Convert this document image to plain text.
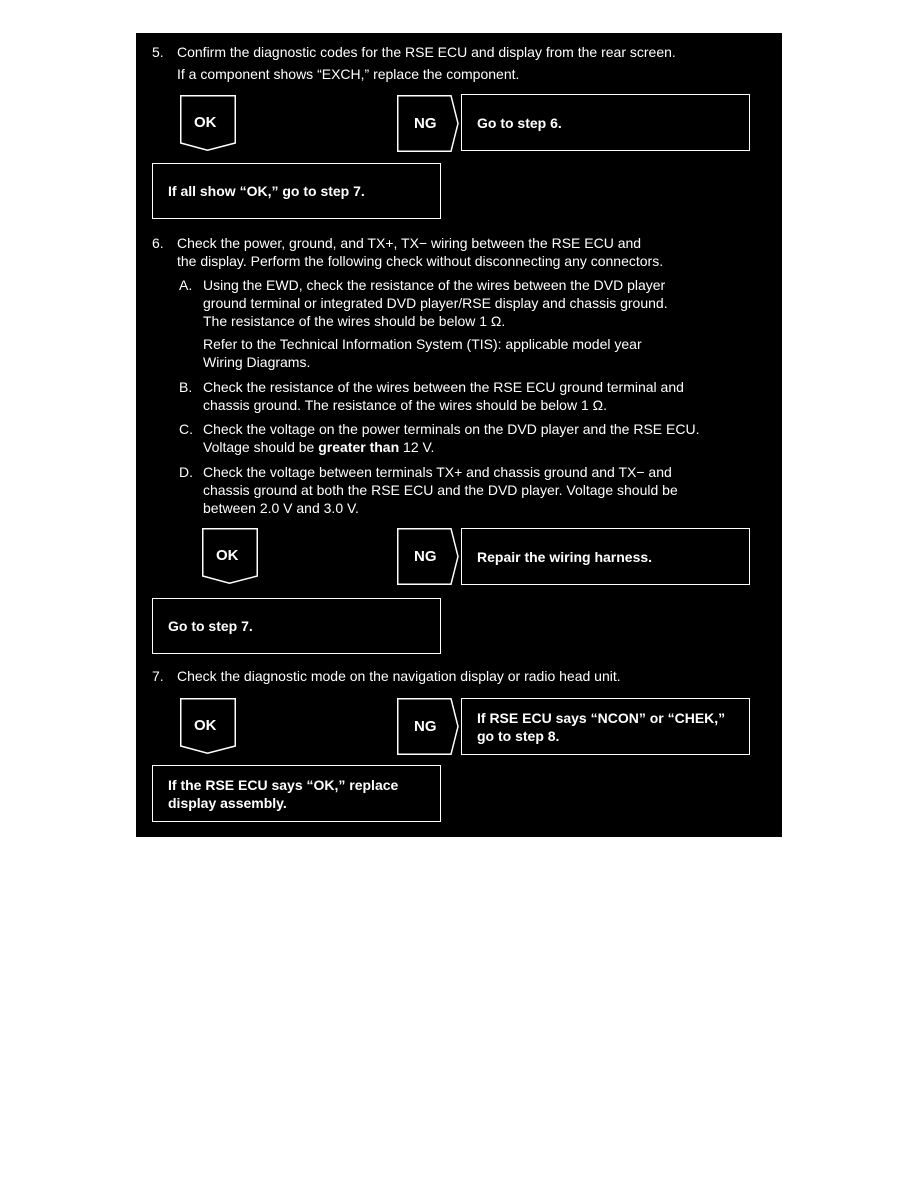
5. Confirm the diagnostic codes for the RSE ECU and display from the rear screen.
If a component shows “EXCH,” replace the component.
OK	NG	Go to step 6.
If all show “OK,” go to step 7.
6. Check the power, ground, and TX+, TX− wiring between the RSE ECU and
the display. Perform the following check without disconnecting any connectors.
A. Using the EWD, check the resistance of the wires between the DVD player
ground terminal or integrated DVD player/RSE display and chassis ground.
The resistance of the wires should be below 1 Ω.
Refer to the Technical Information System (TIS): applicable model year
Wiring Diagrams.
B. Check the resistance of the wires between the RSE ECU ground terminal and
chassis ground. The resistance of the wires should be below 1 Ω.
C. Check the voltage on the power terminals on the DVD player and the RSE ECU.
Voltage should be greater than 12 V.
D. Check the voltage between terminals TX+ and chassis ground and TX− and
chassis ground at both the RSE ECU and the DVD player. Voltage should be
between 2.0 V and 3.0 V.
OK	NG	Repair the wiring harness.
Go to step 7.
7. Check the diagnostic mode on the navigation display or radio head unit.
OK	NG
If RSE ECU says “NCON” or “CHEK,”
go to step 8.
If the RSE ECU says “OK,” replace
display assembly.
